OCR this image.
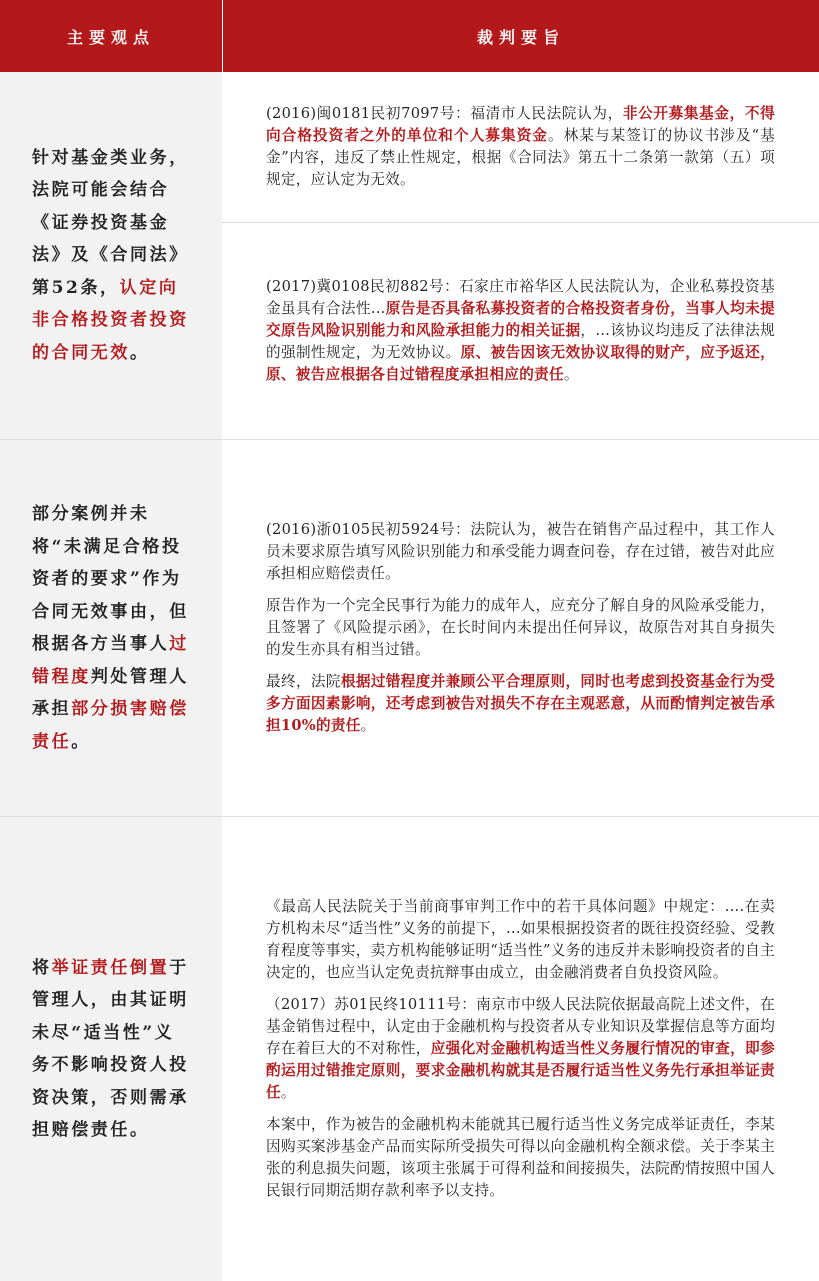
主要观点	裁判要旨
针对基金类业务，法院可能会结合《证券投资基金法》及《合同法》第52条，认定向非合格投资者投资的合同无效。

(2016)闽0181民初7097号：福清市人民法院认为，非公开募集基金，不得向合格投资者之外的单位和个人募集资金。林某与某签订的协议书涉及“基金”内容，违反了禁止性规定，根据《合同法》第五十二条第一款第（五）项规定，应认定为无效。

(2017)冀0108民初882号：石家庄市裕华区人民法院认为，企业私募投资基金虽具有合法性…原告是否具备私募投资者的合格投资者身份，当事人均未提交原告风险识别能力和风险承担能力的相关证据，…该协议均违反了法律法规的强制性规定，为无效协议。原、被告因该无效协议取得的财产，应予返还，原、被告应根据各自过错程度承担相应的责任。

部分案例并未将“未满足合格投资者的要求”作为合同无效事由，但根据各方当事人过错程度判处管理人承担部分损害赔偿责任。

(2016)浙0105民初5924号：法院认为，被告在销售产品过程中，其工作人员未要求原告填写风险识别能力和承受能力调查问卷，存在过错，被告对此应承担相应赔偿责任。

原告作为一个完全民事行为能力的成年人，应充分了解自身的风险承受能力，且签署了《风险提示函》，在长时间内未提出任何异议，故原告对其自身损失的发生亦具有相当过错。

最终，法院根据过错程度并兼顾公平合理原则，同时也考虑到投资基金行为受多方面因素影响，还考虑到被告对损失不存在主观恶意，从而酌情判定被告承担10%的责任。

将举证责任倒置于管理人，由其证明未尽“适当性”义务不影响投资人投资决策，否则需承担赔偿责任。

《最高人民法院关于当前商事审判工作中的若干具体问题》中规定：….在卖方机构未尽“适当性”义务的前提下，...如果根据投资者的既往投资经验、受教育程度等事实，卖方机构能够证明“适当性”义务的违反并未影响投资者的自主决定的，也应当认定免责抗辩事由成立，由金融消费者自负投资风险。

（2017）苏01民终10111号：南京市中级人民法院依据最高院上述文件，在基金销售过程中，认定由于金融机构与投资者从专业知识及掌握信息等方面均存在着巨大的不对称性，应强化对金融机构适当性义务履行情况的审查，即参酌运用过错推定原则，要求金融机构就其是否履行适当性义务先行承担举证责任。

本案中，作为被告的金融机构未能就其已履行适当性义务完成举证责任，李某因购买案涉基金产品而实际所受损失可得以向金融机构全额求偿。关于李某主张的利息损失问题，该项主张属于可得利益和间接损失，法院酌情按照中国人民银行同期活期存款利率予以支持。
